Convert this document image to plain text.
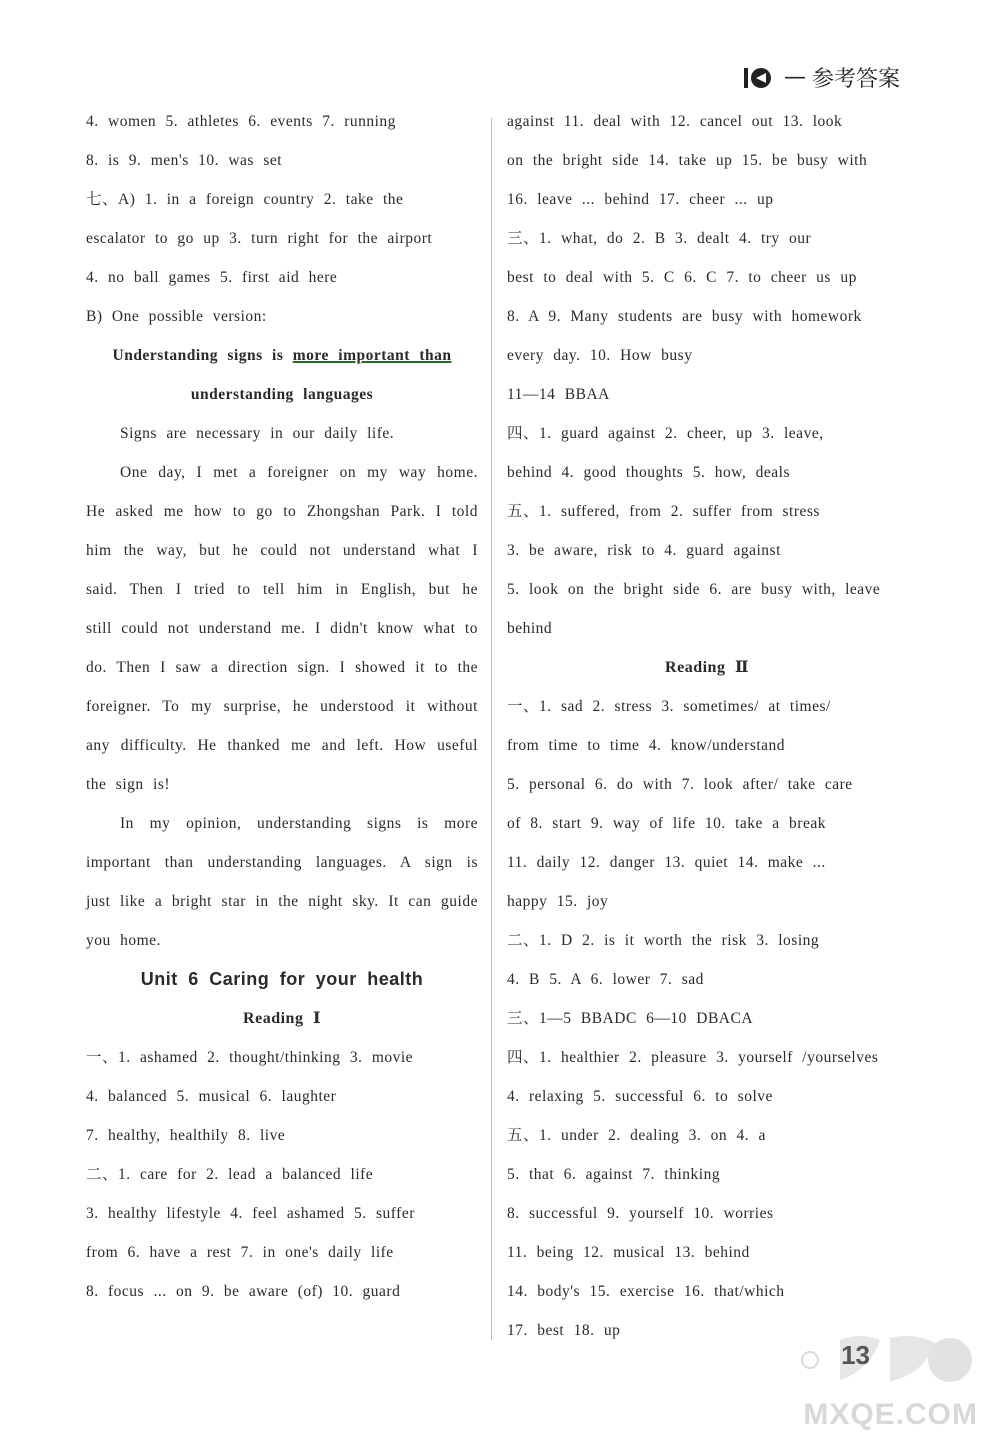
— 参考答案

4. women 5. athletes 6. events 7. running

8. is 9. men's 10. was set

七、A) 1. in a foreign country 2. take the

escalator to go up 3. turn right for the airport

4. no ball games 5. first aid here

B) One possible version:

Understanding signs is more important than

understanding languages

Signs are necessary in our daily life.

One day, I met a foreigner on my way home. He asked me how to go to Zhongshan Park. I told him the way, but he could not understand what I said. Then I tried to tell him in English, but he still could not understand me. I didn't know what to do. Then I saw a direction sign. I showed it to the foreigner. To my surprise, he understood it without any difficulty. He thanked me and left. How useful the sign is!

In my opinion, understanding signs is more important than understanding languages. A sign is just like a bright star in the night sky. It can guide you home.

Unit 6 Caring for your health

Reading Ⅰ

一、1. ashamed 2. thought/thinking 3. movie

4. balanced 5. musical 6. laughter

7. healthy, healthily 8. live

二、1. care for 2. lead a balanced life

3. healthy lifestyle 4. feel ashamed 5. suffer

from 6. have a rest 7. in one's daily life

8. focus ... on 9. be aware (of) 10. guard

against 11. deal with 12. cancel out 13. look

on the bright side 14. take up 15. be busy with

16. leave ... behind 17. cheer ... up

三、1. what, do 2. B 3. dealt 4. try our

best to deal with 5. C 6. C 7. to cheer us up

8. A 9. Many students are busy with homework

every day. 10. How busy

11—14 BBAA

四、1. guard against 2. cheer, up 3. leave,

behind 4. good thoughts 5. how, deals

五、1. suffered, from 2. suffer from stress

3. be aware, risk to 4. guard against

5. look on the bright side 6. are busy with, leave

behind

Reading Ⅱ

一、1. sad 2. stress 3. sometimes/ at times/

from time to time 4. know/understand

5. personal 6. do with 7. look after/ take care

of 8. start 9. way of life 10. take a break

11. daily 12. danger 13. quiet 14. make ...

happy 15. joy

二、1. D 2. is it worth the risk 3. losing

4. B 5. A 6. lower 7. sad

三、1—5 BBADC 6—10 DBACA

四、1. healthier 2. pleasure 3. yourself /yourselves

4. relaxing 5. successful 6. to solve

五、1. under 2. dealing 3. on 4. a

5. that 6. against 7. thinking

8. successful 9. yourself 10. worries

11. being 12. musical 13. behind

14. body's 15. exercise 16. that/which

17. best 18. up

13
MXQE.COM
